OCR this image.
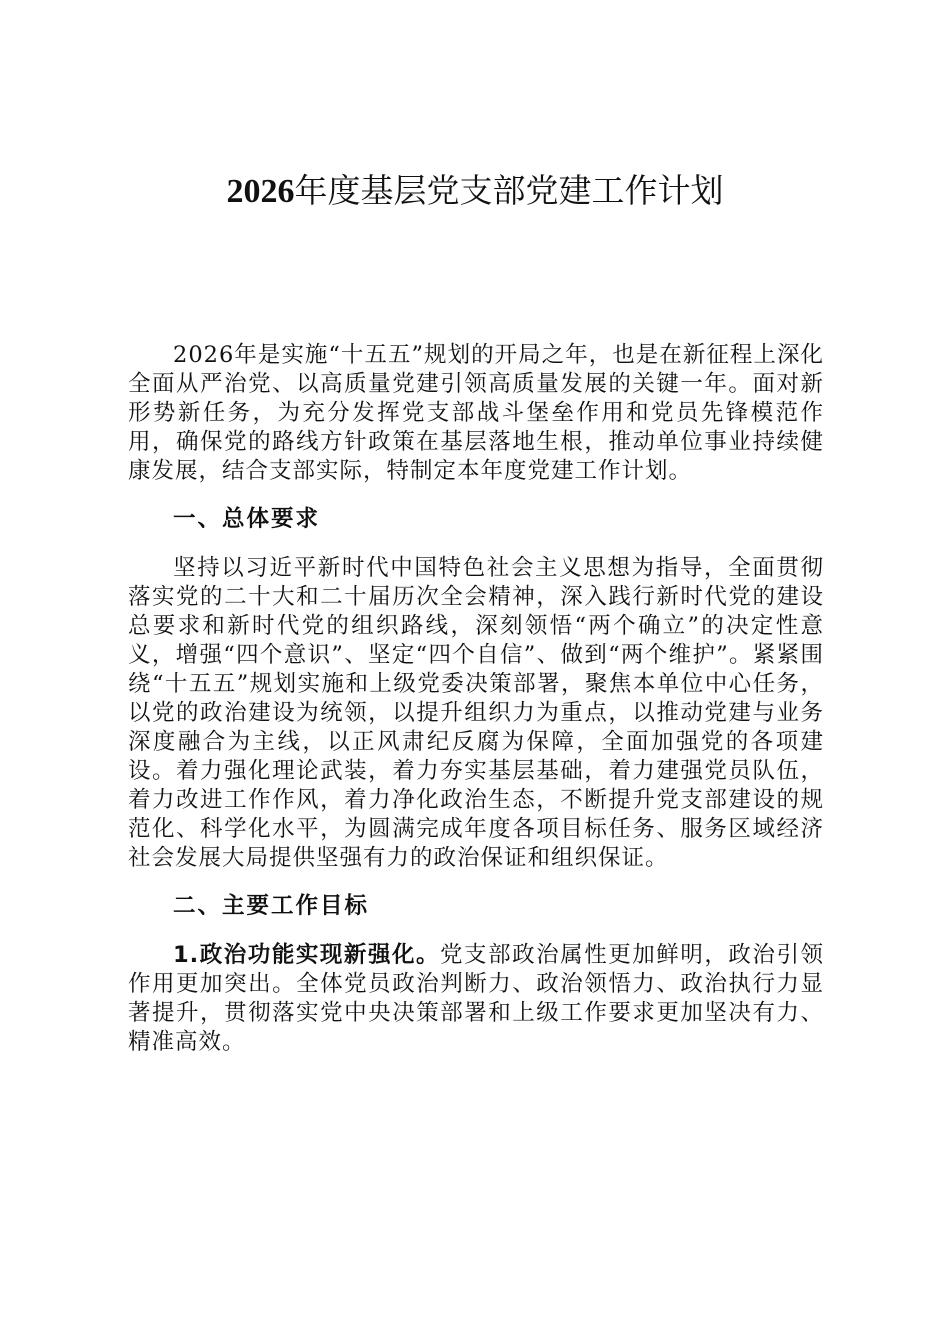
2026年度基层党支部党建工作计划

2026年是实施“十五五”规划的开局之年，也是在新征程上深化全面从严治党、以高质量党建引领高质量发展的关键一年。面对新形势新任务，为充分发挥党支部战斗堡垒作用和党员先锋模范作用，确保党的路线方针政策在基层落地生根，推动单位事业持续健康发展，结合支部实际，特制定本年度党建工作计划。

一、总体要求

坚持以习近平新时代中国特色社会主义思想为指导，全面贯彻落实党的二十大和二十届历次全会精神，深入践行新时代党的建设总要求和新时代党的组织路线，深刻领悟“两个确立”的决定性意义，增强“四个意识”、坚定“四个自信”、做到“两个维护”。紧紧围绕“十五五”规划实施和上级党委决策部署，聚焦本单位中心任务，以党的政治建设为统领，以提升组织力为重点，以推动党建与业务深度融合为主线，以正风肃纪反腐为保障，全面加强党的各项建设。着力强化理论武装，着力夯实基层基础，着力建强党员队伍，着力改进工作作风，着力净化政治生态，不断提升党支部建设的规范化、科学化水平，为圆满完成年度各项目标任务、服务区域经济社会发展大局提供坚强有力的政治保证和组织保证。

二、主要工作目标

1.政治功能实现新强化。党支部政治属性更加鲜明，政治引领作用更加突出。全体党员政治判断力、政治领悟力、政治执行力显著提升，贯彻落实党中央决策部署和上级工作要求更加坚决有力、精准高效。
